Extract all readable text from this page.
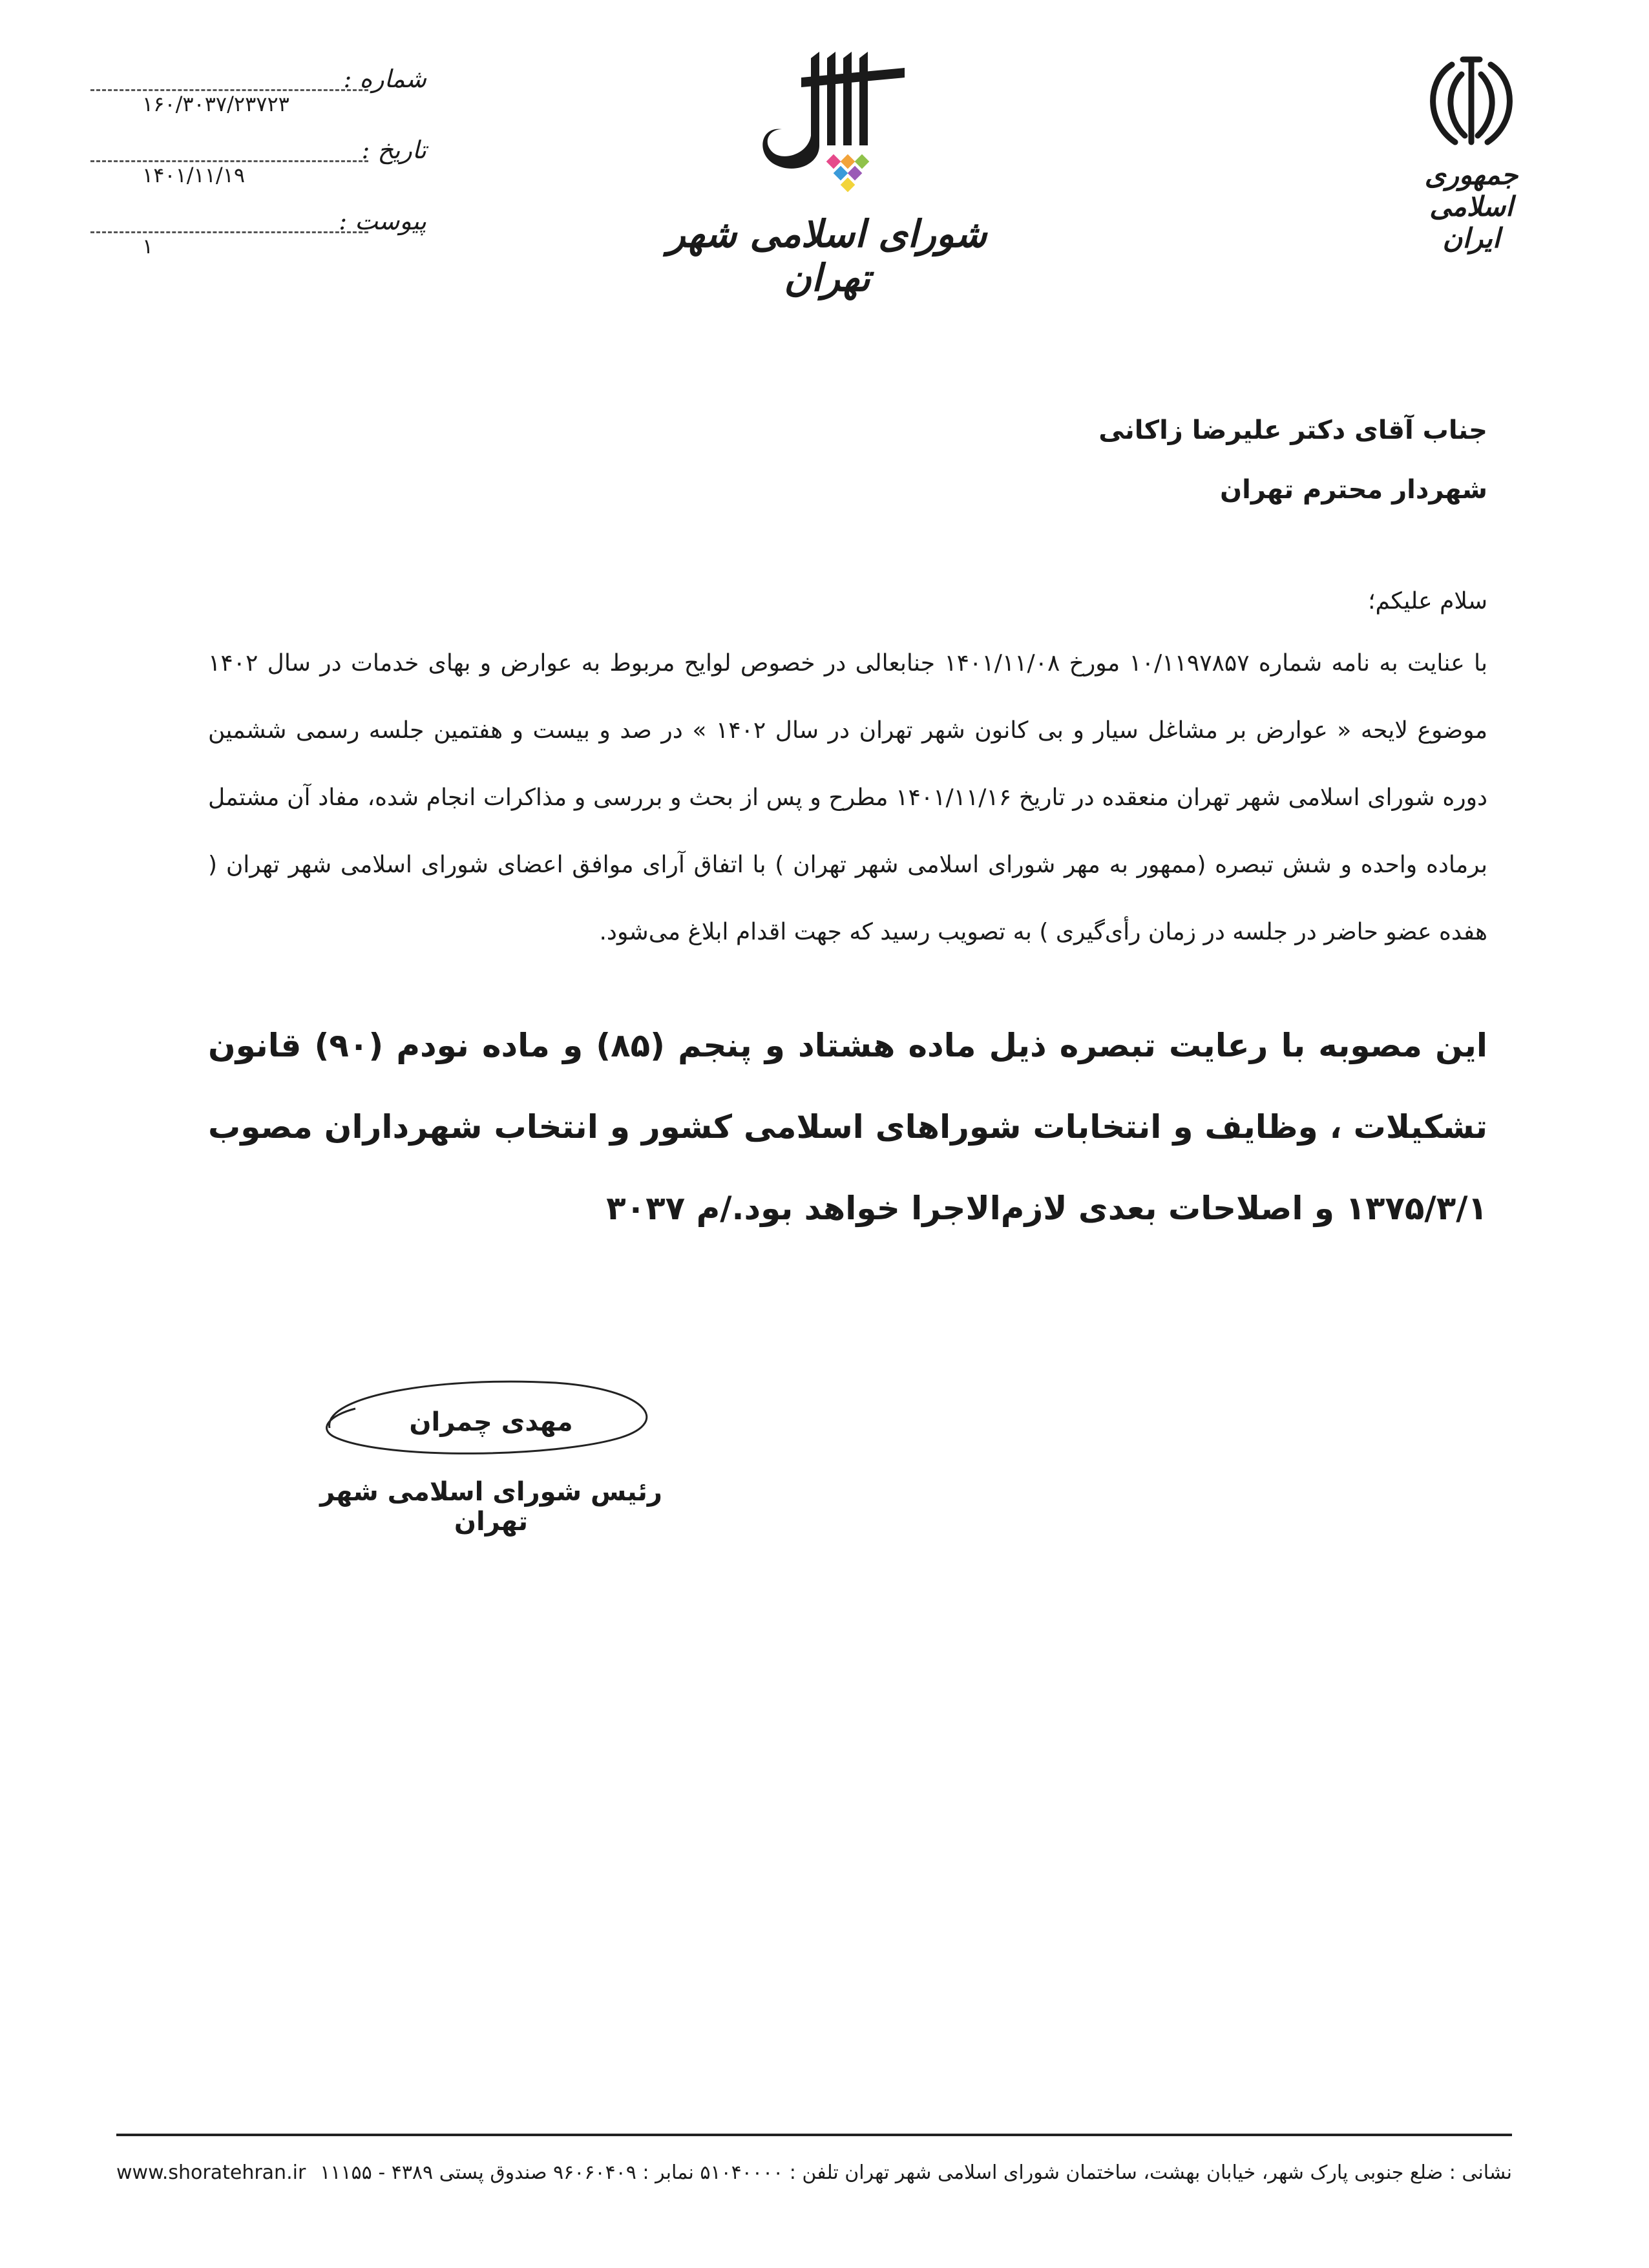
جمهوری اسلامی ایران
شورای اسلامی شهر تهران
شماره :
۱۶۰/۳۰۳۷/۲۳۷۲۳
تاریخ :
۱۴۰۱/۱۱/۱۹
پیوست :
۱
جناب آقای دکتر علیرضا زاکانی
شهردار محترم تهران
سلام علیکم؛
با عنایت به نامه شماره ۱۰/۱۱۹۷۸۵۷ مورخ ۱۴۰۱/۱۱/۰۸ جنابعالی در خصوص لوایح مربوط به عوارض و بهای خدمات در سال ۱۴۰۲ موضوع لایحه « عوارض بر مشاغل سیار و بی کانون شهر تهران در سال ۱۴۰۲ » در صد و بیست و هفتمین جلسه رسمی ششمین دوره شورای اسلامی شهر تهران منعقده در تاریخ ۱۴۰۱/۱۱/۱۶ مطرح و پس از بحث و بررسی و مذاکرات انجام شده، مفاد آن مشتمل برماده واحده و شش تبصره (ممهور به مهر شورای اسلامی شهر تهران ) با اتفاق آرای موافق اعضای شورای اسلامی شهر تهران ( هفده عضو حاضر در جلسه در زمان رأی‌گیری ) به تصویب رسید که جهت اقدام ابلاغ می‌شود.
این مصوبه با رعایت تبصره ذیل ماده هشتاد و پنجم (۸۵) و ماده نودم (۹۰) قانون تشکیلات ، وظایف و انتخابات شوراهای اسلامی کشور و انتخاب شهرداران مصوب ۱۳۷۵/۳/۱ و اصلاحات بعدی لازم‌الاجرا خواهد بود./م ۳۰۳۷
مهدی چمران
رئیس شورای اسلامی شهر تهران
نشانی : ضلع جنوبی پارک شهر، خیابان بهشت، ساختمان شورای اسلامی شهر تهران تلفن : ۵۱۰۴۰۰۰۰ نمابر : ۹۶۰۶۰۴۰۹ صندوق پستی ۴۳۸۹ - ۱۱۱۵۵
www.shoratehran.ir
